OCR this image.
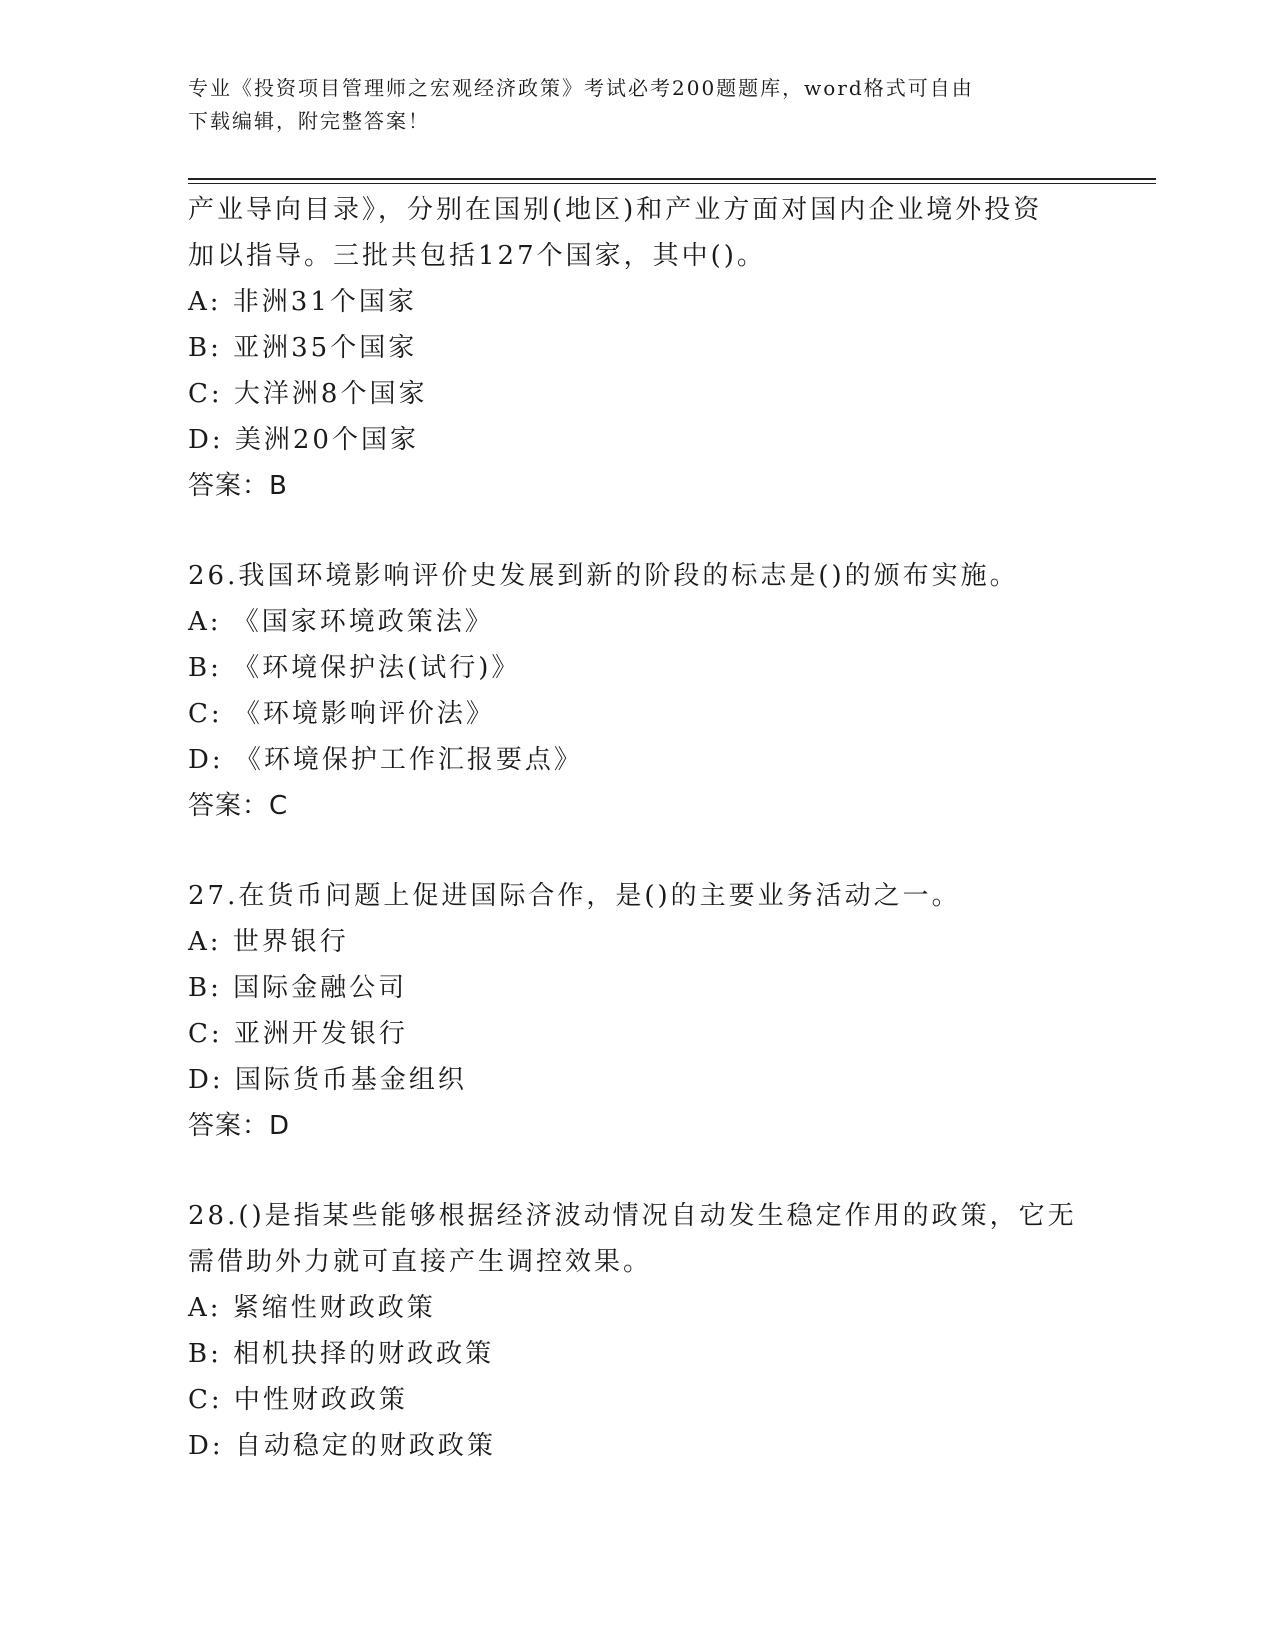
专业《投资项目管理师之宏观经济政策》考试必考200题题库，word格式可自由
下载编辑，附完整答案！
产业导向目录》，分别在国别(地区)和产业方面对国内企业境外投资
加以指导。三批共包括127个国家，其中()。
A: 非洲31个国家
B: 亚洲35个国家
C: 大洋洲8个国家
D: 美洲20个国家
答案：B
26.我国环境影响评价史发展到新的阶段的标志是()的颁布实施。
A: 《国家环境政策法》
B: 《环境保护法(试行)》
C: 《环境影响评价法》
D: 《环境保护工作汇报要点》
答案：C
27.在货币问题上促进国际合作，是()的主要业务活动之一。
A: 世界银行
B: 国际金融公司
C: 亚洲开发银行
D: 国际货币基金组织
答案：D
28.()是指某些能够根据经济波动情况自动发生稳定作用的政策，它无
需借助外力就可直接产生调控效果。
A: 紧缩性财政政策
B: 相机抉择的财政政策
C: 中性财政政策
D: 自动稳定的财政政策
